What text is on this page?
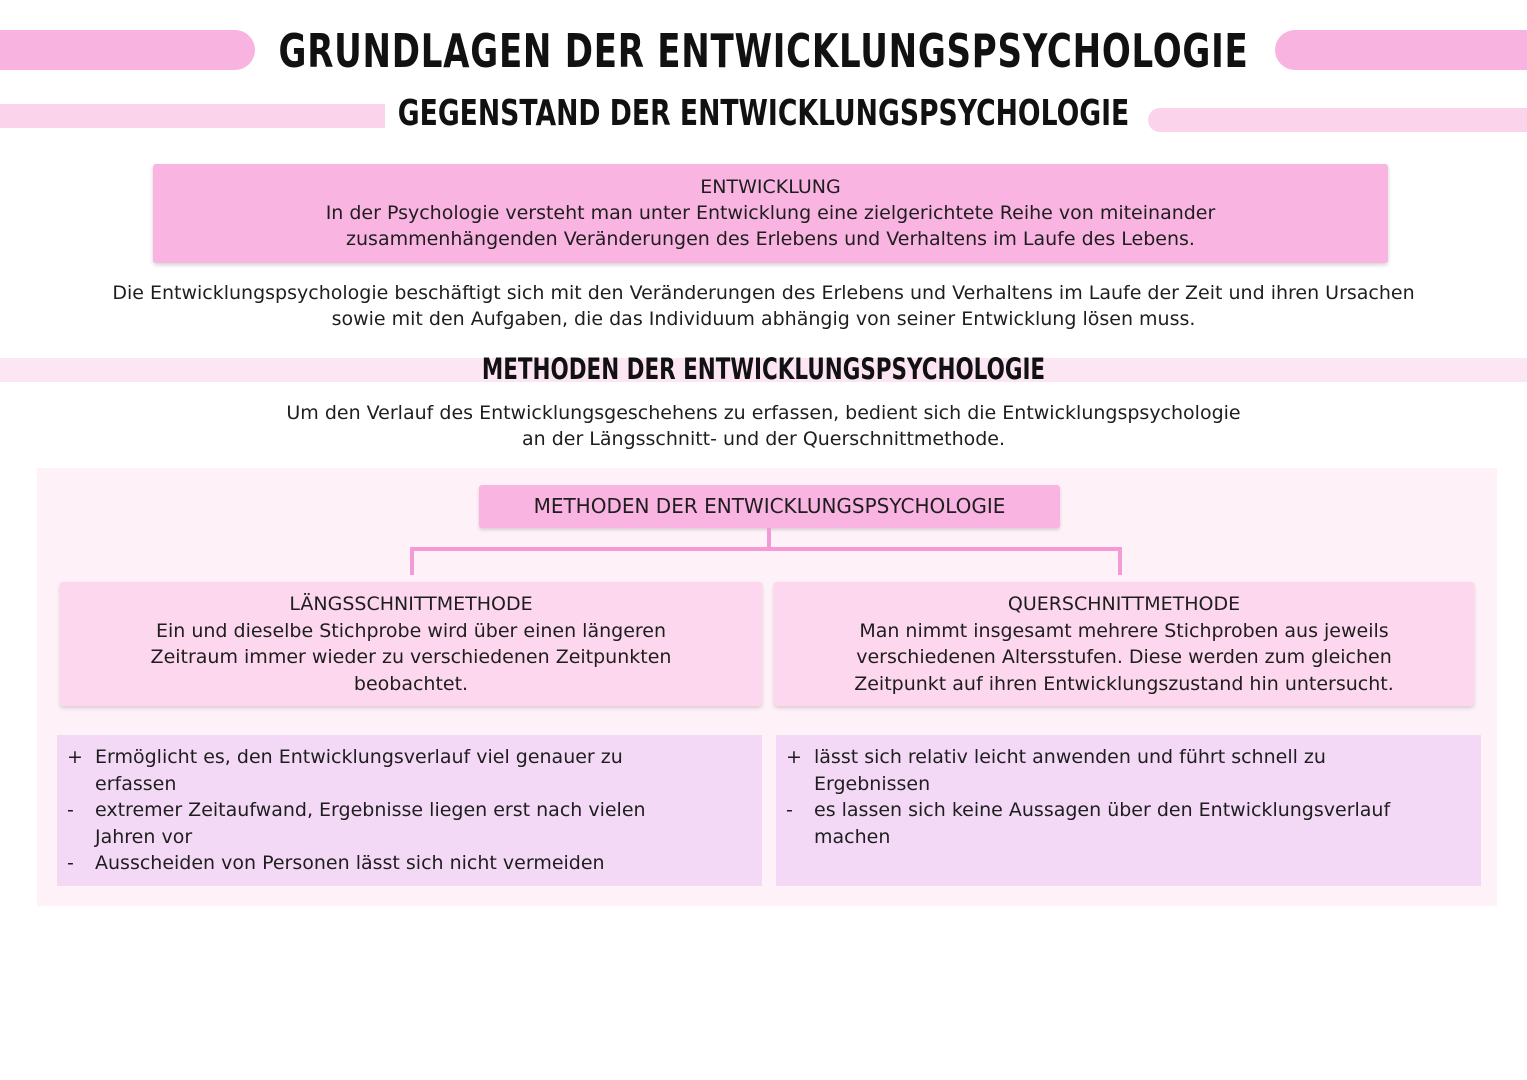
GRUNDLAGEN DER ENTWICKLUNGSPSYCHOLOGIE
GEGENSTAND DER ENTWICKLUNGSPSYCHOLOGIE
ENTWICKLUNG
In der Psychologie versteht man unter Entwicklung eine zielgerichtete Reihe von miteinander
zusammenhängenden Veränderungen des Erlebens und Verhaltens im Laufe des Lebens.
Die Entwicklungspsychologie beschäftigt sich mit den Veränderungen des Erlebens und Verhaltens im Laufe der Zeit und ihren Ursachen
sowie mit den Aufgaben, die das Individuum abhängig von seiner Entwicklung lösen muss.
METHODEN DER ENTWICKLUNGSPSYCHOLOGIE
Um den Verlauf des Entwicklungsgeschehens zu erfassen, bedient sich die Entwicklungspsychologie
an der Längsschnitt- und der Querschnittmethode.
METHODEN DER ENTWICKLUNGSPSYCHOLOGIE
LÄNGSSCHNITTMETHODE
Ein und dieselbe Stichprobe wird über einen längeren
Zeitraum immer wieder zu verschiedenen Zeitpunkten
beobachtet.
QUERSCHNITTMETHODE
Man nimmt insgesamt mehrere Stichproben aus jeweils
verschiedenen Altersstufen. Diese werden zum gleichen
Zeitpunkt auf ihren Entwicklungszustand hin untersucht.
+ Ermöglicht es, den Entwicklungsverlauf viel genauer zu
erfassen
-	extremer Zeitaufwand, Ergebnisse liegen erst nach vielen
Jahren vor
-	Ausscheiden von Personen lässt sich nicht vermeiden
+ lässt sich relativ leicht anwenden und führt schnell zu
Ergebnissen
-	es lassen sich keine Aussagen über den Entwicklungsverlauf
machen
